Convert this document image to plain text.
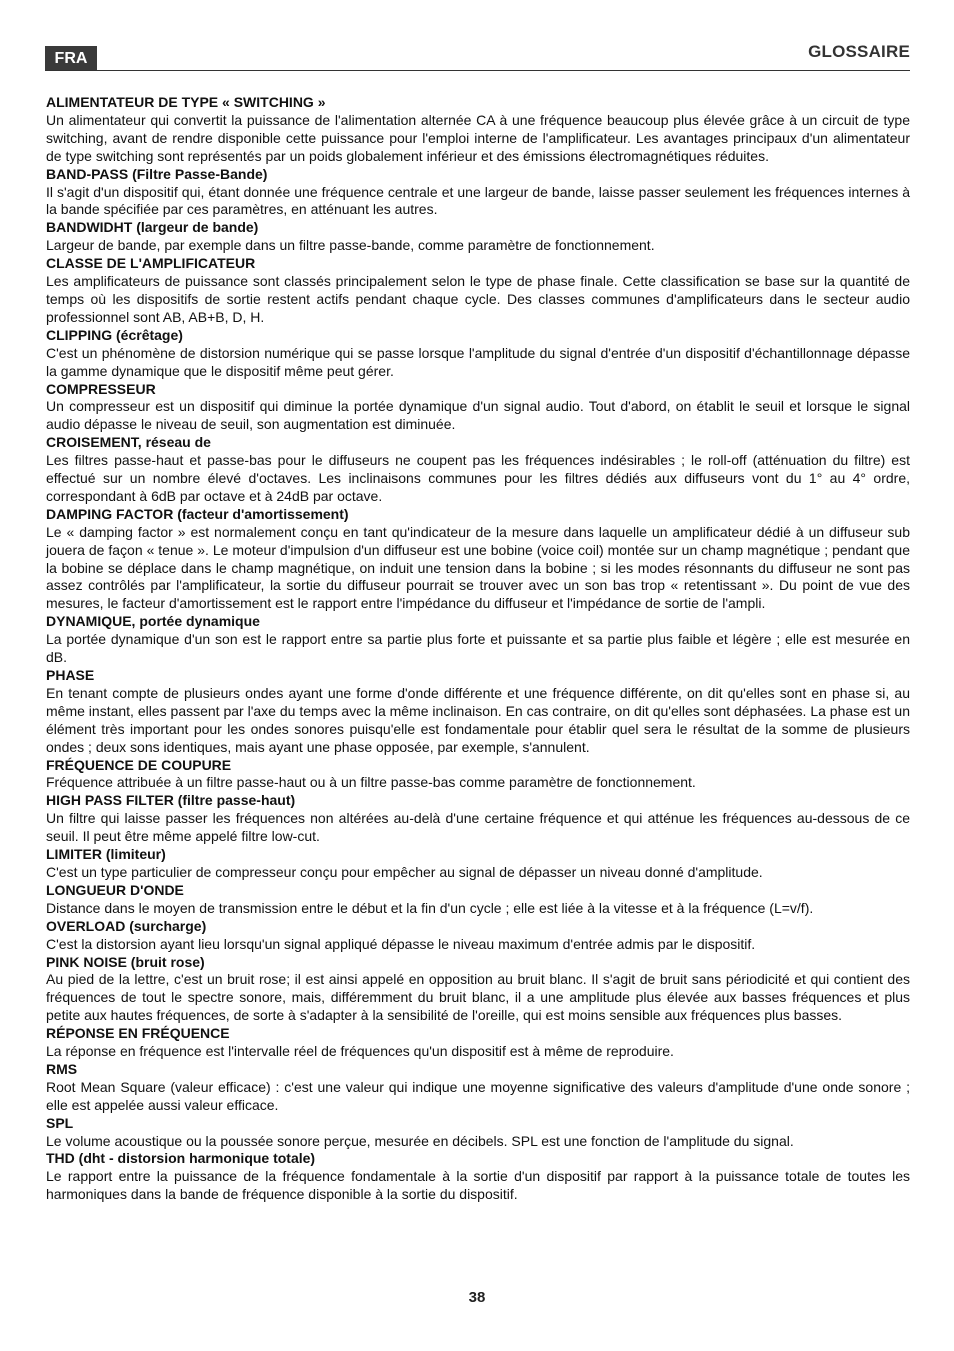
FRA	GLOSSAIRE

ALIMENTATEUR DE TYPE « SWITCHING »

Un alimentateur qui convertit la puissance de l'alimentation alternée CA à une fréquence beaucoup plus élevée grâce à un circuit de type switching, avant de rendre disponible cette puissance pour l'emploi interne de l'amplificateur. Les avantages principaux d'un alimentateur de type switching sont représentés par un poids globalement inférieur et des émissions électromagnétiques réduites.

BAND-PASS (Filtre Passe-Bande)

Il s'agit d'un dispositif qui, étant donnée une fréquence centrale et une largeur de bande, laisse passer seulement les fréquences internes à la bande spécifiée par ces paramètres, en atténuant les autres.

BANDWIDHT (largeur de bande)

Largeur de bande, par exemple dans un filtre passe-bande, comme paramètre de fonctionnement.

CLASSE DE L'AMPLIFICATEUR

Les amplificateurs de puissance sont classés principalement selon le type de phase finale. Cette classification se base sur la quantité de temps où les dispositifs de sortie restent actifs pendant chaque cycle. Des classes communes d'amplificateurs dans le secteur audio professionnel sont AB, AB+B, D, H.

CLIPPING (écrêtage)

C'est un phénomène de distorsion numérique qui se passe lorsque l'amplitude du signal d'entrée d'un dispositif d'échantillonnage dépasse la gamme dynamique que le dispositif même peut gérer.

COMPRESSEUR

Un compresseur est un dispositif qui diminue la portée dynamique d'un signal audio. Tout d'abord, on établit le seuil et lorsque le signal audio dépasse le niveau de seuil, son augmentation est diminuée.

CROISEMENT, réseau de

Les filtres passe-haut et passe-bas pour le diffuseurs ne coupent pas les fréquences indésirables ; le roll-off (atténuation du filtre) est effectué sur un nombre élevé d'octaves. Les inclinaisons communes pour les filtres dédiés aux diffuseurs vont du 1° au 4° ordre, correspondant à 6dB par octave et à 24dB par octave.

DAMPING FACTOR (facteur d'amortissement)

Le « damping factor » est normalement conçu en tant qu'indicateur de la mesure dans laquelle un amplificateur dédié à un diffuseur sub jouera de façon « tenue ». Le moteur d'impulsion d'un diffuseur est une bobine (voice coil) montée sur un champ magnétique ; pendant que la bobine se déplace dans le champ magnétique, on induit une tension dans la bobine ; si les modes résonnants du diffuseur ne sont pas assez contrôlés par l'amplificateur, la sortie du diffuseur pourrait se trouver avec un son bas trop « retentissant ». Du point de vue des mesures, le facteur d'amortissement est le rapport entre l'impédance du diffuseur et l'impédance de sortie de l'ampli.

DYNAMIQUE, portée dynamique

La portée dynamique d'un son est le rapport entre sa partie plus forte et puissante et sa partie plus faible et légère ; elle est mesurée en dB.

PHASE

En tenant compte de plusieurs ondes ayant une forme d'onde différente et une fréquence différente, on dit qu'elles sont en phase si, au même instant, elles passent par l'axe du temps avec la même inclinaison. En cas contraire, on dit qu'elles sont déphasées. La phase est un élément très important pour les ondes sonores puisqu'elle est fondamentale pour établir quel sera le résultat de la somme de plusieurs ondes ; deux sons identiques, mais ayant une phase opposée, par exemple, s'annulent.

FRÉQUENCE DE COUPURE

Fréquence attribuée à un filtre passe-haut ou à un filtre passe-bas comme paramètre de fonctionnement.

HIGH PASS FILTER (filtre passe-haut)

Un filtre qui laisse passer les fréquences non altérées au-delà d'une certaine fréquence et qui atténue les fréquences au-dessous de ce seuil. Il peut être même appelé filtre low-cut.

LIMITER (limiteur)

C'est un type particulier de compresseur conçu pour empêcher au signal de dépasser un niveau donné d'amplitude.

LONGUEUR D'ONDE

Distance dans le moyen de transmission entre le début et la fin d'un cycle ; elle est liée à la vitesse et à la fréquence (L=v/f).

OVERLOAD (surcharge)

C'est la distorsion ayant lieu lorsqu'un signal appliqué dépasse le niveau maximum d'entrée admis par le dispositif.

PINK NOISE (bruit rose)

Au pied de la lettre, c'est un bruit rose; il est ainsi appelé en opposition au bruit blanc. Il s'agit de bruit sans périodicité et qui contient des fréquences de tout le spectre sonore, mais, différemment du bruit blanc, il a une amplitude plus élevée aux basses fréquences et plus petite aux hautes fréquences, de sorte à s'adapter à la sensibilité de l'oreille, qui est moins sensible aux fréquences plus basses.

RÉPONSE EN FRÉQUENCE

La réponse en fréquence est l'intervalle réel de fréquences qu'un dispositif est à même de reproduire.

RMS

Root Mean Square (valeur efficace) : c'est une valeur qui indique une moyenne significative des valeurs d'amplitude d'une onde sonore ; elle est appelée aussi valeur efficace.

SPL

Le volume acoustique ou la poussée sonore perçue, mesurée en décibels. SPL est une fonction de l'amplitude du signal.

THD (dht - distorsion harmonique totale)

Le rapport entre la puissance de la fréquence fondamentale à la sortie d'un dispositif par rapport à la puissance totale de toutes les harmoniques dans la bande de fréquence disponible à la sortie du dispositif.

38
